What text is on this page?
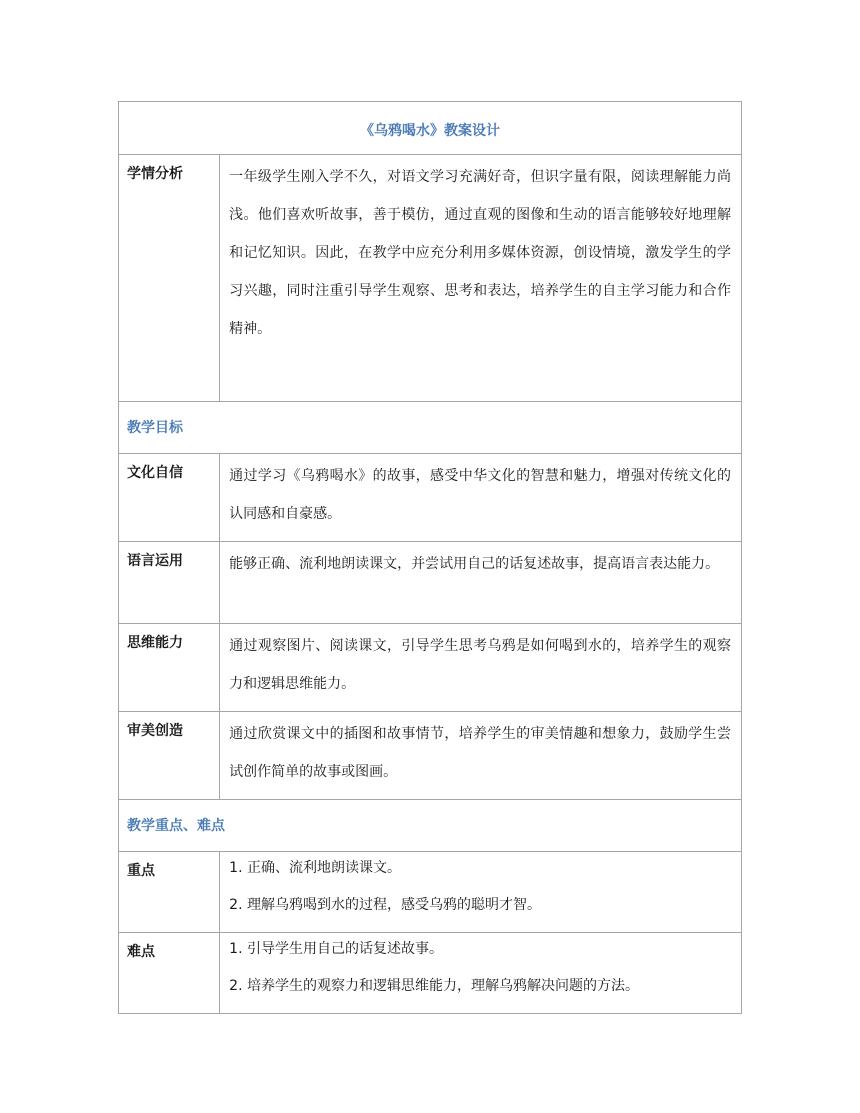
《乌鸦喝水》教案设计	

学情分析	一年级学生刚入学不久，对语文学习充满好奇，但识字量有限，阅读理解能力尚浅。他们喜欢听故事，善于模仿，通过直观的图像和生动的语言能够较好地理解和记忆知识。因此，在教学中应充分利用多媒体资源，创设情境，激发学生的学习兴趣，同时注重引导学生观察、思考和表达，培养学生的自主学习能力和合作精神。

教学目标	

文化自信	通过学习《乌鸦喝水》的故事，感受中华文化的智慧和魅力，增强对传统文化的认同感和自豪感。

语言运用	能够正确、流利地朗读课文，并尝试用自己的话复述故事，提高语言表达能力。

思维能力	通过观察图片、阅读课文，引导学生思考乌鸦是如何喝到水的，培养学生的观察力和逻辑思维能力。

审美创造	通过欣赏课文中的插图和故事情节，培养学生的审美情趣和想象力，鼓励学生尝试创作简单的故事或图画。

教学重点、难点	

重点	1. 正确、流利地朗读课文。
2. 理解乌鸦喝到水的过程，感受乌鸦的聪明才智。

难点	1. 引导学生用自己的话复述故事。
2. 培养学生的观察力和逻辑思维能力，理解乌鸦解决问题的方法。
